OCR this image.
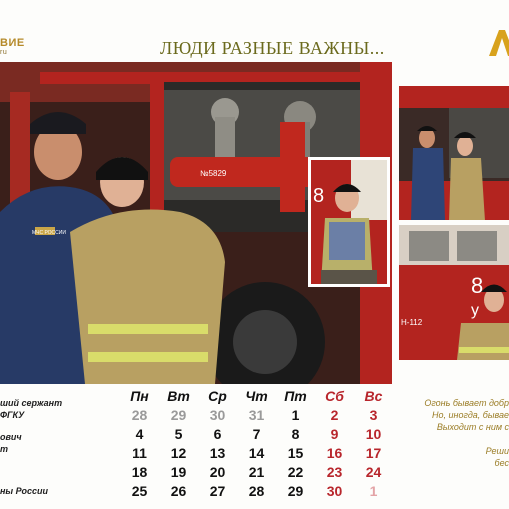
ВИЕ
ru	ЛЮДИ РАЗНЫЕ ВАЖНЫ...
№5829
МЧС РОССИИ
8
8
у
Н-112
ший сержант
ФГКУ
ович
т
ны России
Пн	Вт	Ср	Чт	Пт	Сб	Вс
28	29	30	31	1	2	3
4	5	6	7	8	9	10
11	12	13	14	15	16	17
18	19	20	21	22	23	24
25	26	27	28	29	30	1
Огонь бывает добр
Но, иногда, бывае
Выходит с ним с
Реши
бес
